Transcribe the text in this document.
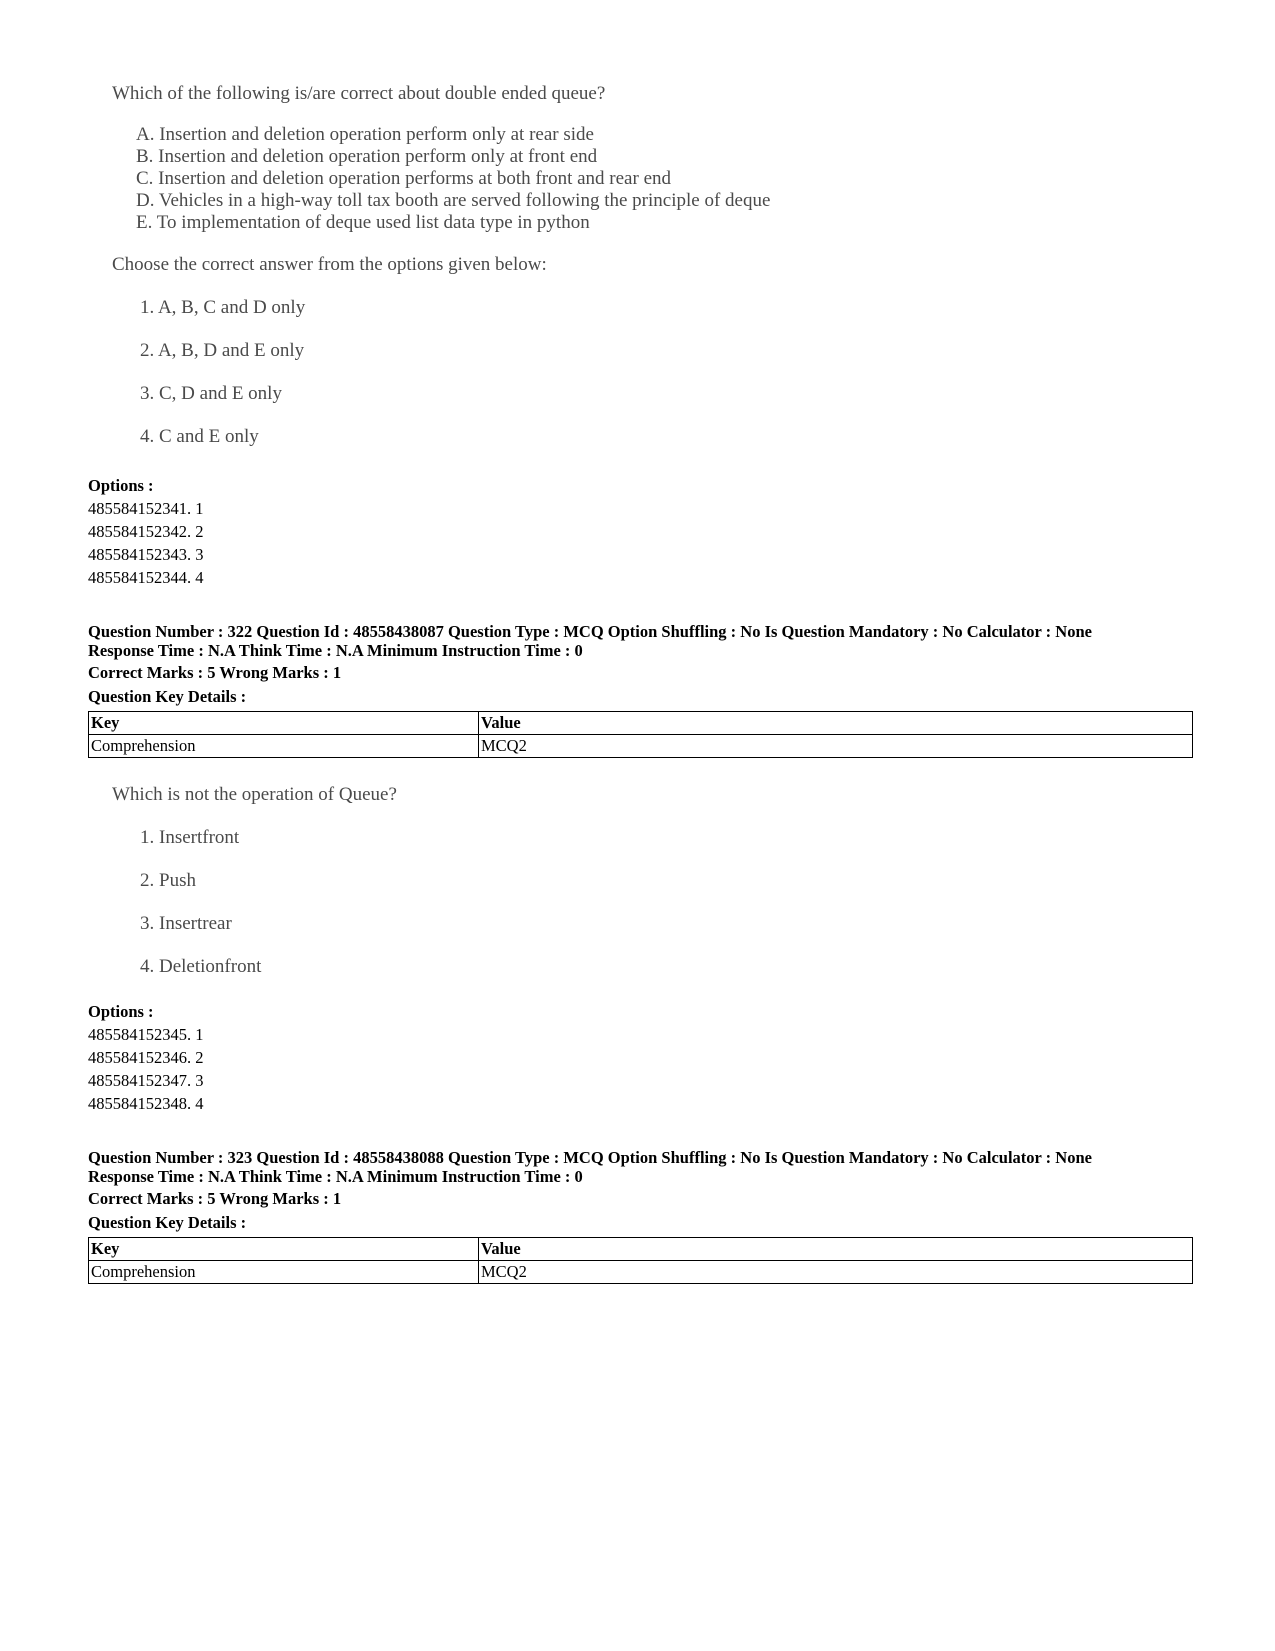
Which of the following is/are correct about double ended queue?
A. Insertion and deletion operation perform only at rear side
B. Insertion and deletion operation perform only at front end
C. Insertion and deletion operation performs at both front and rear end
D. Vehicles in a high-way toll tax booth are served following the principle of deque
E. To implementation of deque used list data type in python
Choose the correct answer from the options given below:
1. A, B, C and D only
2. A, B, D and E only
3. C, D and E only
4. C and E only
Options :
485584152341. 1
485584152342. 2
485584152343. 3
485584152344. 4
Question Number : 322 Question Id : 48558438087 Question Type : MCQ Option Shuffling : No Is Question Mandatory : No Calculator : None
Response Time : N.A Think Time : N.A Minimum Instruction Time : 0
Correct Marks : 5 Wrong Marks : 1
Question Key Details :
Key	Value
Comprehension	MCQ2
Which is not the operation of Queue?
1. Insertfront
2. Push
3. Insertrear
4. Deletionfront
Options :
485584152345. 1
485584152346. 2
485584152347. 3
485584152348. 4
Question Number : 323 Question Id : 48558438088 Question Type : MCQ Option Shuffling : No Is Question Mandatory : No Calculator : None
Response Time : N.A Think Time : N.A Minimum Instruction Time : 0
Correct Marks : 5 Wrong Marks : 1
Question Key Details :
Key	Value
Comprehension	MCQ2
